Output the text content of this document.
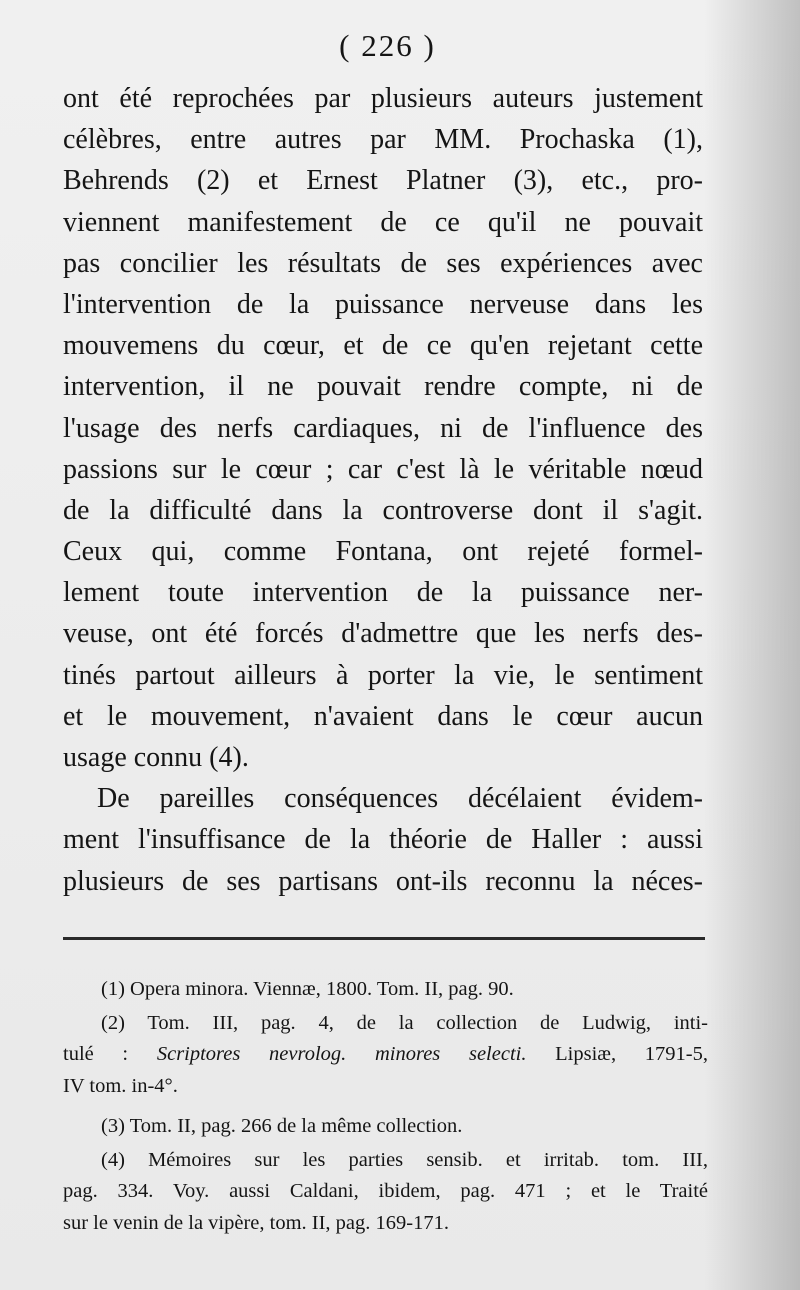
( 226 )
ont été reprochées par plusieurs auteurs justement
célèbres, entre autres par MM. Prochaska (1),
Behrends (2) et Ernest Platner (3), etc., pro-
viennent manifestement de ce qu'il ne pouvait
pas concilier les résultats de ses expériences avec
l'intervention de la puissance nerveuse dans les
mouvemens du cœur, et de ce qu'en rejetant cette
intervention, il ne pouvait rendre compte, ni de
l'usage des nerfs cardiaques, ni de l'influence des
passions sur le cœur ; car c'est là le véritable nœud
de la difficulté dans la controverse dont il s'agit.
Ceux qui, comme Fontana, ont rejeté formel-
lement toute intervention de la puissance ner-
veuse, ont été forcés d'admettre que les nerfs des-
tinés partout ailleurs à porter la vie, le sentiment
et le mouvement, n'avaient dans le cœur aucun
usage connu (4).
De pareilles conséquences décélaient évidem-
ment l'insuffisance de la théorie de Haller : aussi
plusieurs de ses partisans ont-ils reconnu la néces-
(1) Opera minora. Viennæ, 1800. Tom. II, pag. 90.
(2) Tom. III, pag. 4, de la collection de Ludwig, inti-
tulé : Scriptores nevrolog. minores selecti. Lipsiæ, 1791-5,
IV tom. in-4°.
(3) Tom. II, pag. 266 de la même collection.
(4) Mémoires sur les parties sensib. et irritab. tom. III,
pag. 334. Voy. aussi Caldani, ibidem, pag. 471 ; et le Traité
sur le venin de la vipère, tom. II, pag. 169-171.
